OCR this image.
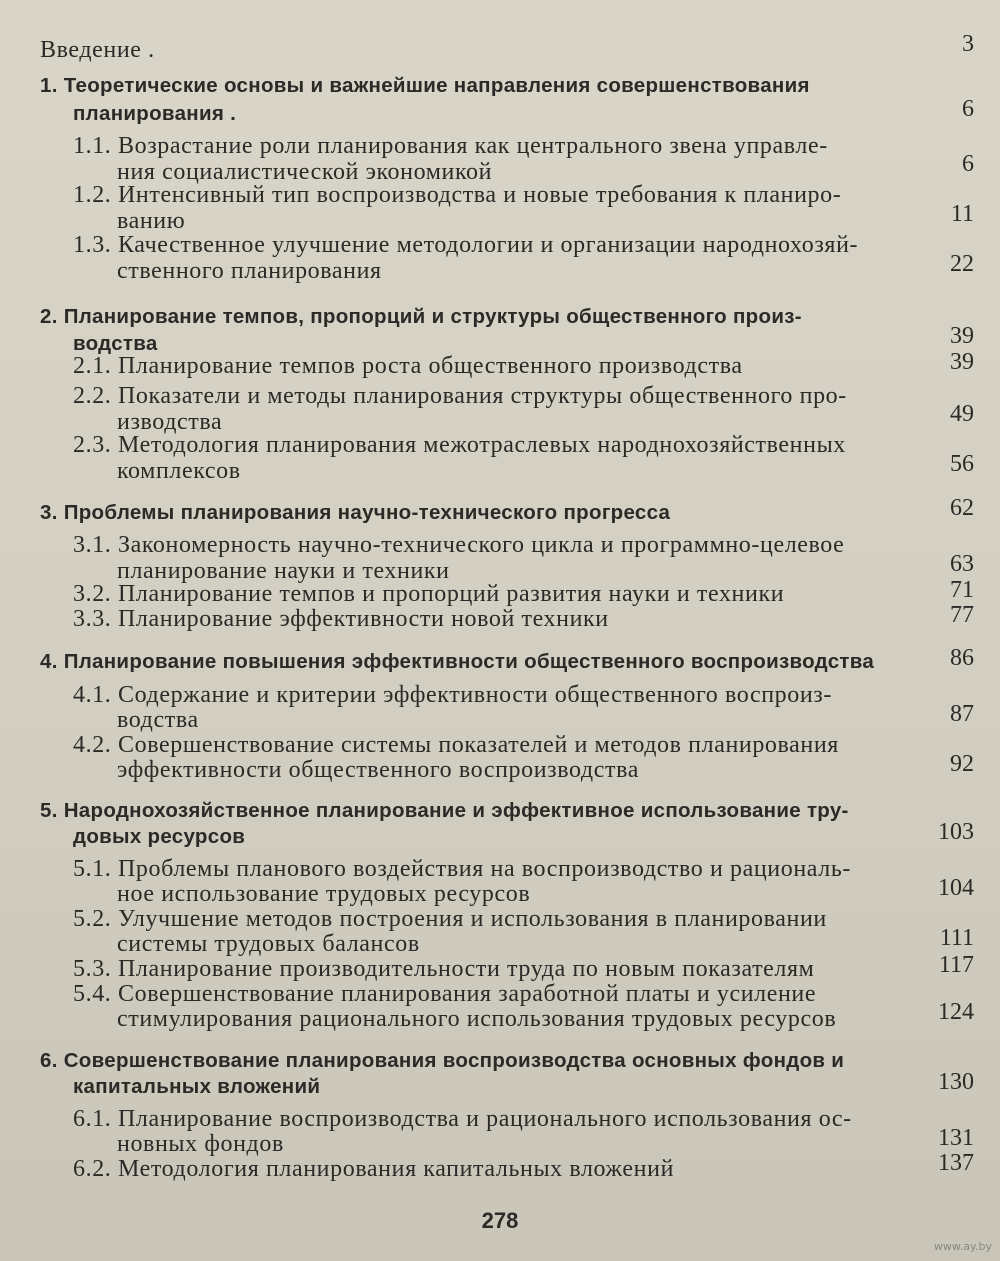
Введение .	3
1. Теоретические основы и важнейшие направления совершенствования
планирования .	6
1.1. Возрастание роли планирования как центрального звена управле-
ния социалистической экономикой	6
1.2. Интенсивный тип воспроизводства и новые требования к планиро-
ванию	11
1.3. Качественное улучшение методологии и организации народнохозяй-
ственного планирования	22
2. Планирование темпов, пропорций и структуры общественного произ-
водства	39
2.1. Планирование темпов роста общественного производства	39
2.2. Показатели и методы планирования структуры общественного про-
изводства	49
2.3. Методология планирования межотраслевых народнохозяйственных
комплексов	56
3. Проблемы планирования научно-технического прогресса	62
3.1. Закономерность научно-технического цикла и программно-целевое
планирование науки и техники	63
3.2. Планирование темпов и пропорций развития науки и техники	71
3.3. Планирование эффективности новой техники	77
4. Планирование повышения эффективности общественного воспроизводства	86
4.1. Содержание и критерии эффективности общественного воспроиз-
водства	87
4.2. Совершенствование системы показателей и методов планирования
эффективности общественного воспроизводства	92
5. Народнохозяйственное планирование и эффективное использование тру-
довых ресурсов	103
5.1. Проблемы планового воздействия на воспроизводство и рациональ-
ное использование трудовых ресурсов	104
5.2. Улучшение методов построения и использования в планировании
системы трудовых балансов	111
5.3. Планирование производительности труда по новым показателям	117
5.4. Совершенствование планирования заработной платы и усиление
стимулирования рационального использования трудовых ресурсов	124
6. Совершенствование планирования воспроизводства основных фондов и
капитальных вложений	130
6.1. Планирование воспроизводства и рационального использования ос-
новных фондов	131
6.2. Методология планирования капитальных вложений	137
278
www.ay.by
